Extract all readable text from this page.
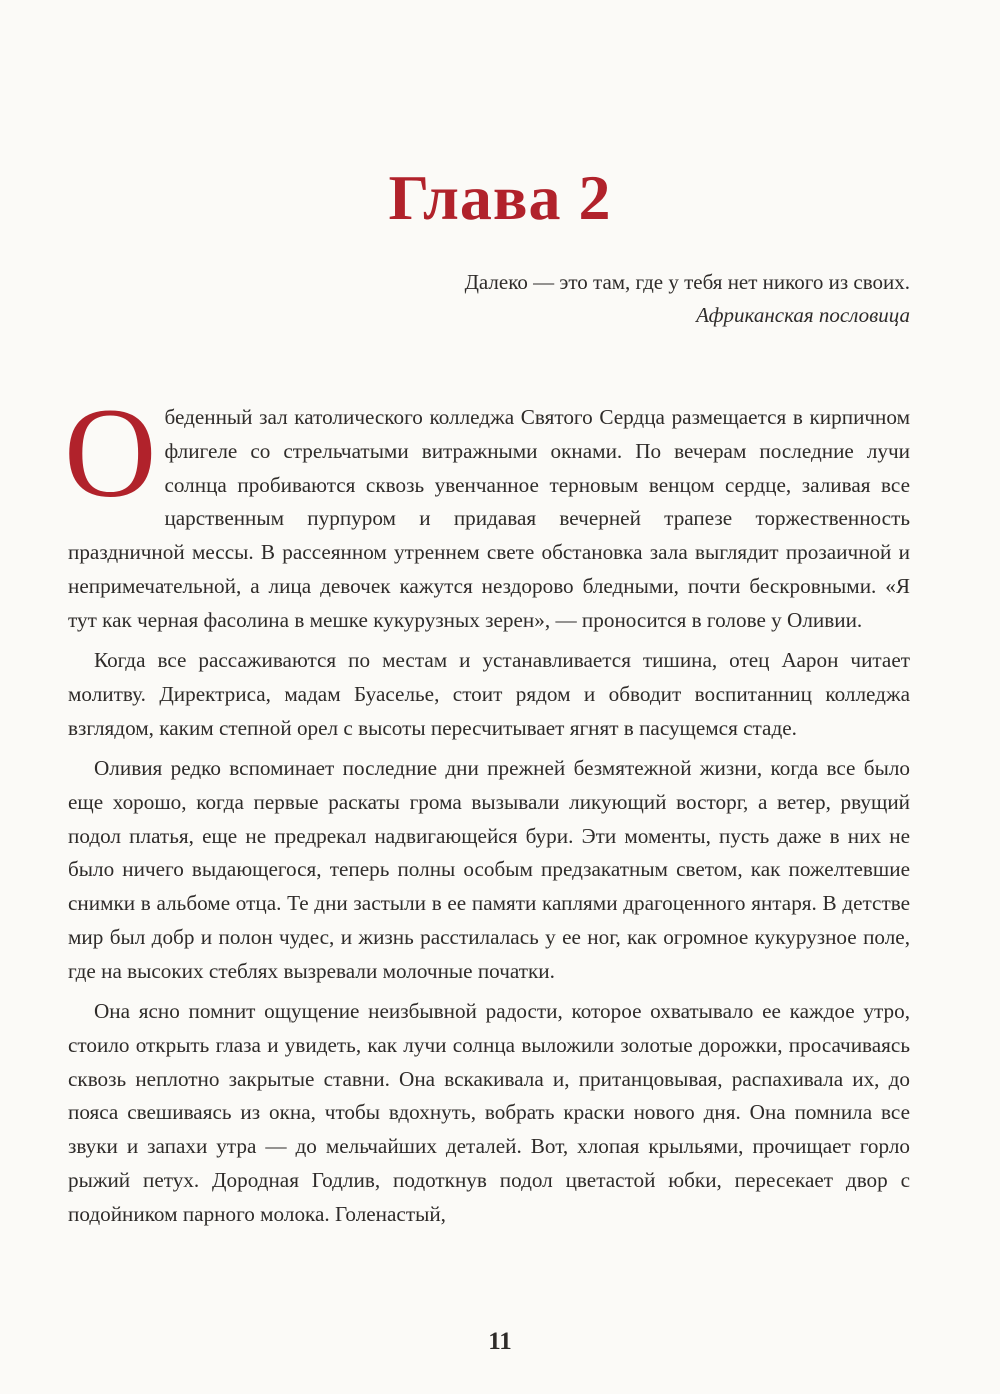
Глава 2
Далеко — это там, где у тебя нет никого из своих.
Африканская пословица

Обеденный зал католического колледжа Святого Сердца размещается в кирпичном флигеле со стрельчатыми витражными окнами. По вечерам последние лучи солнца пробиваются сквозь увенчанное терновым венцом сердце, заливая все царственным пурпуром и придавая вечерней трапезе торжественность праздничной мессы. В рассеянном утреннем свете обстановка зала выглядит прозаичной и непримечательной, а лица девочек кажутся нездорово бледными, почти бескровными. «Я тут как черная фасолина в мешке кукурузных зерен», — проносится в голове у Оливии.

Когда все рассаживаются по местам и устанавливается тишина, отец Аарон читает молитву. Директриса, мадам Буаселье, стоит рядом и обводит воспитанниц колледжа взглядом, каким степной орел с высоты пересчитывает ягнят в пасущемся стаде.

Оливия редко вспоминает последние дни прежней безмятежной жизни, когда все было еще хорошо, когда первые раскаты грома вызывали ликующий восторг, а ветер, рвущий подол платья, еще не предрекал надвигающейся бури. Эти моменты, пусть даже в них не было ничего выдающегося, теперь полны особым предзакатным светом, как пожелтевшие снимки в альбоме отца. Те дни застыли в ее памяти каплями драгоценного янтаря. В детстве мир был добр и полон чудес, и жизнь расстилалась у ее ног, как огромное кукурузное поле, где на высоких стеблях вызревали молочные початки.

Она ясно помнит ощущение неизбывной радости, которое охватывало ее каждое утро, стоило открыть глаза и увидеть, как лучи солнца выложили золотые дорожки, просачиваясь сквозь неплотно закрытые ставни. Она вскакивала и, пританцовывая, распахивала их, до пояса свешиваясь из окна, чтобы вдохнуть, вобрать краски нового дня. Она помнила все звуки и запахи утра — до мельчайших деталей. Вот, хлопая крыльями, прочищает горло рыжий петух. Дородная Годлив, подоткнув подол цветастой юбки, пересекает двор с подойником парного молока. Голенастый,

11
